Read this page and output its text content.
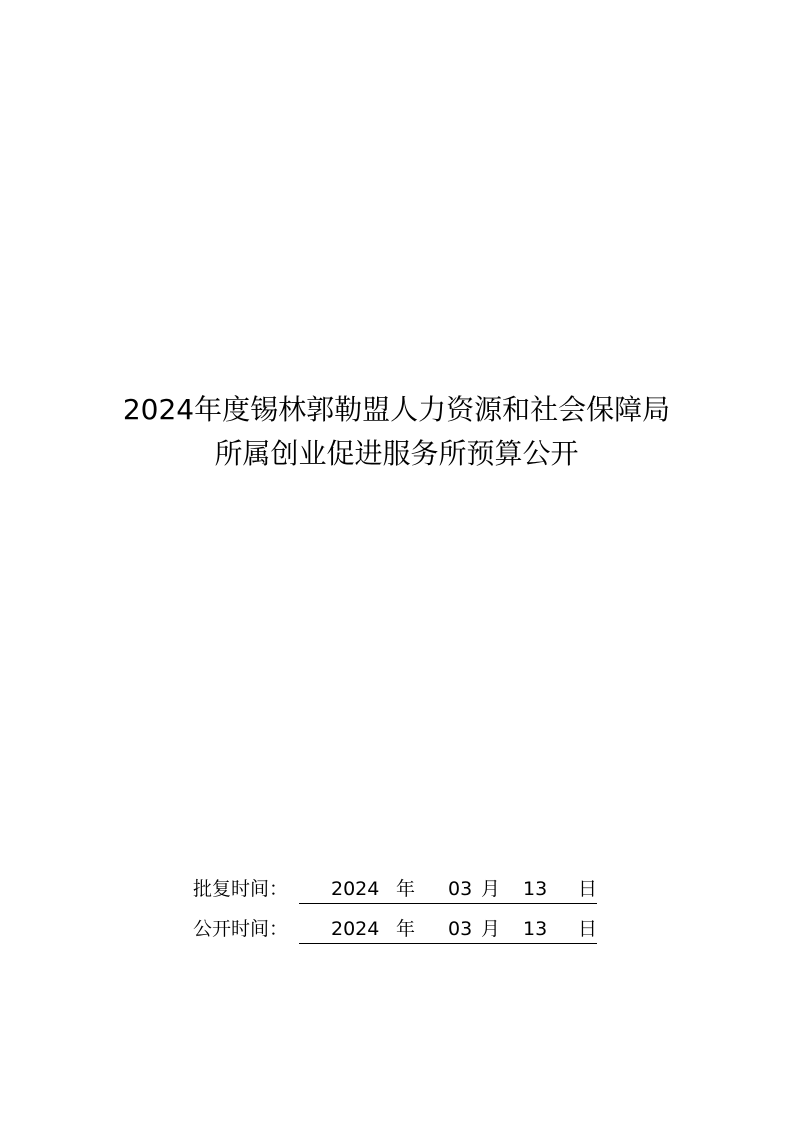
2024年度锡林郭勒盟人力资源和社会保障局
所属创业促进服务所预算公开
批复时间： 2024 年 03 月 13 日
公开时间： 2024 年 03 月 13 日
